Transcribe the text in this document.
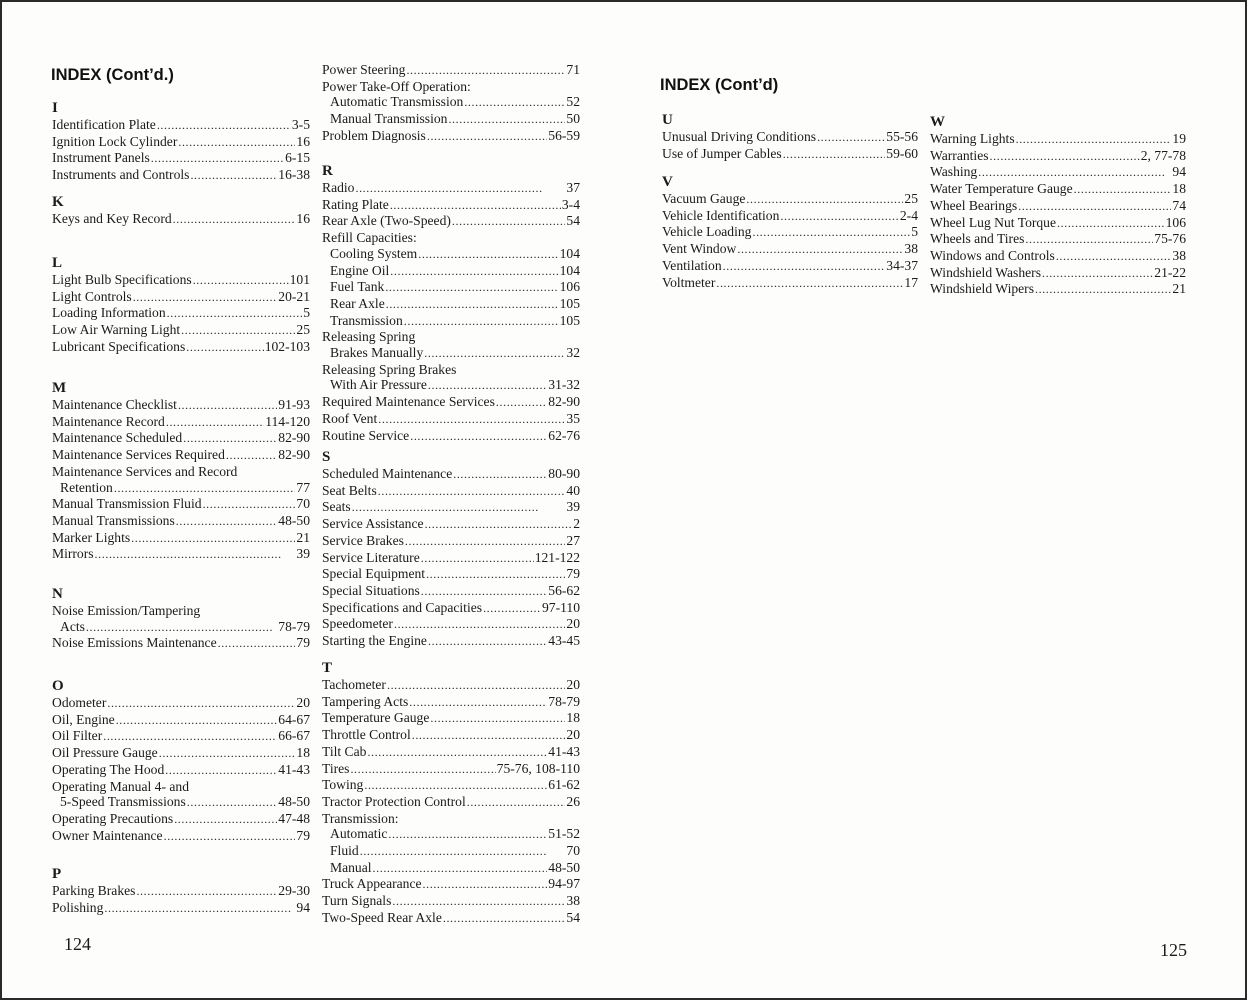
INDEX (Cont’d.)
INDEX (Cont’d)
I
Identification Plate . . .	3-5
Ignition Lock Cylinder . . .	16
Instrument Panels . . .	6-15
Instruments and Controls . . .	16-38
K
Keys and Key Record . . .	16
L
Light Bulb Specifications . . .	101
Light Controls . . .	20-21
Loading Information . . .	5
Low Air Warning Light . . .	25
Lubricant Specifications . . .	102-103
M
Maintenance Checklist . . .	91-93
Maintenance Record . . .	114-120
Maintenance Scheduled . . .	82-90
Maintenance Services Required . . .	82-90
Maintenance Services and Record
Retention . . .	77
Manual Transmission Fluid . . .	70
Manual Transmissions . . .	48-50
Marker Lights . . .	21
Mirrors . . .	39
N
Noise Emission/Tampering
Acts . . .	78-79
Noise Emissions Maintenance . . .	79
O
Odometer . . .	20
Oil, Engine . . .	64-67
Oil Filter . . .	66-67
Oil Pressure Gauge . . .	18
Operating The Hood . . .	41-43
Operating Manual 4- and
5-Speed Transmissions . . .	48-50
Operating Precautions . . .	47-48
Owner Maintenance . . .	79
P
Parking Brakes . . .	29-30
Polishing . . .	94
Power Steering . . .	71
Power Take-Off Operation:
Automatic Transmission . . .	52
Manual Transmission . . .	50
Problem Diagnosis . . .	56-59
R
Radio . . .	37
Rating Plate . . .	3-4
Rear Axle (Two-Speed) . . .	54
Refill Capacities:
Cooling System . . .	104
Engine Oil . . .	104
Fuel Tank . . .	106
Rear Axle . . .	105
Transmission . . .	105
Releasing Spring
Brakes Manually . . .	32
Releasing Spring Brakes
With Air Pressure . . .	31-32
Required Maintenance Services . . .	82-90
Roof Vent . . .	35
Routine Service . . .	62-76
S
Scheduled Maintenance . . .	80-90
Seat Belts . . .	40
Seats . . .	39
Service Assistance . . .	2
Service Brakes . . .	27
Service Literature . . .	121-122
Special Equipment . . .	79
Special Situations . . .	56-62
Specifications and Capacities . . .	97-110
Speedometer . . .	20
Starting the Engine . . .	43-45
T
Tachometer . . .	20
Tampering Acts . . .	78-79
Temperature Gauge . . .	18
Throttle Control . . .	20
Tilt Cab . . .	41-43
Tires . . .	75-76, 108-110
Towing . . .	61-62
Tractor Protection Control . . .	26
Transmission:
Automatic . . .	51-52
Fluid . . .	70
Manual . . .	48-50
Truck Appearance . . .	94-97
Turn Signals . . .	38
Two-Speed Rear Axle . . .	54
U
Unusual Driving Conditions . . .	55-56
Use of Jumper Cables . . .	59-60
V
Vacuum Gauge . . .	25
Vehicle Identification . . .	2-4
Vehicle Loading . . .	5
Vent Window . . .	38
Ventilation . . .	34-37
Voltmeter . . .	17
W
Warning Lights . . .	19
Warranties . . .	2, 77-78
Washing . . .	94
Water Temperature Gauge . . .	18
Wheel Bearings . . .	74
Wheel Lug Nut Torque . . .	106
Wheels and Tires . . .	75-76
Windows and Controls . . .	38
Windshield Washers . . .	21-22
Windshield Wipers . . .	21
124	125
